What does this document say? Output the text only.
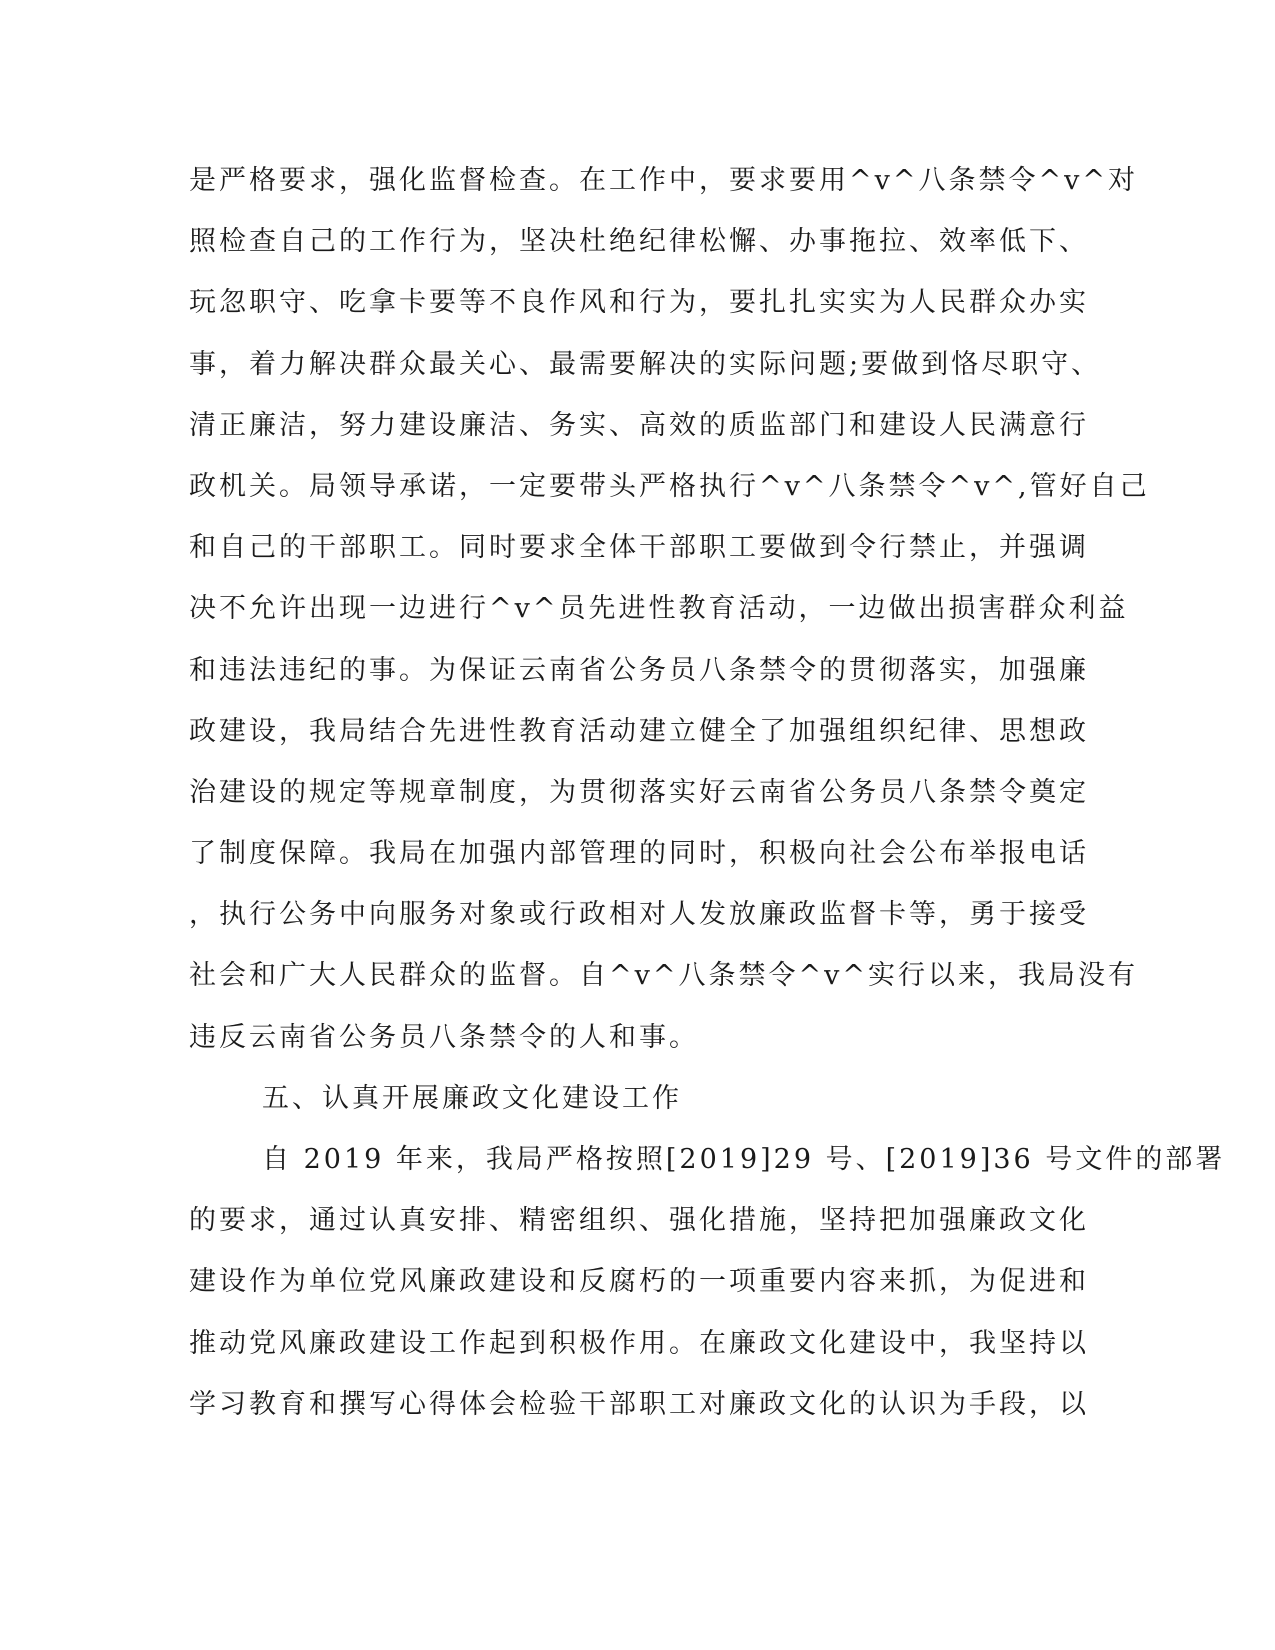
是严格要求，强化监督检查。在工作中，要求要用^v^八条禁令^v^对
照检查自己的工作行为，坚决杜绝纪律松懈、办事拖拉、效率低下、
玩忽职守、吃拿卡要等不良作风和行为，要扎扎实实为人民群众办实
事，着力解决群众最关心、最需要解决的实际问题;要做到恪尽职守、
清正廉洁，努力建设廉洁、务实、高效的质监部门和建设人民满意行
政机关。局领导承诺，一定要带头严格执行^v^八条禁令^v^,管好自己
和自己的干部职工。同时要求全体干部职工要做到令行禁止，并强调
决不允许出现一边进行^v^员先进性教育活动，一边做出损害群众利益
和违法违纪的事。为保证云南省公务员八条禁令的贯彻落实，加强廉
政建设，我局结合先进性教育活动建立健全了加强组织纪律、思想政
治建设的规定等规章制度，为贯彻落实好云南省公务员八条禁令奠定
了制度保障。我局在加强内部管理的同时，积极向社会公布举报电话
，执行公务中向服务对象或行政相对人发放廉政监督卡等，勇于接受
社会和广大人民群众的监督。自^v^八条禁令^v^实行以来，我局没有
违反云南省公务员八条禁令的人和事。
五、认真开展廉政文化建设工作
自 2019 年来，我局严格按照[2019]29 号、[2019]36 号文件的部署
的要求，通过认真安排、精密组织、强化措施，坚持把加强廉政文化
建设作为单位党风廉政建设和反腐朽的一项重要内容来抓，为促进和
推动党风廉政建设工作起到积极作用。在廉政文化建设中，我坚持以
学习教育和撰写心得体会检验干部职工对廉政文化的认识为手段，以
